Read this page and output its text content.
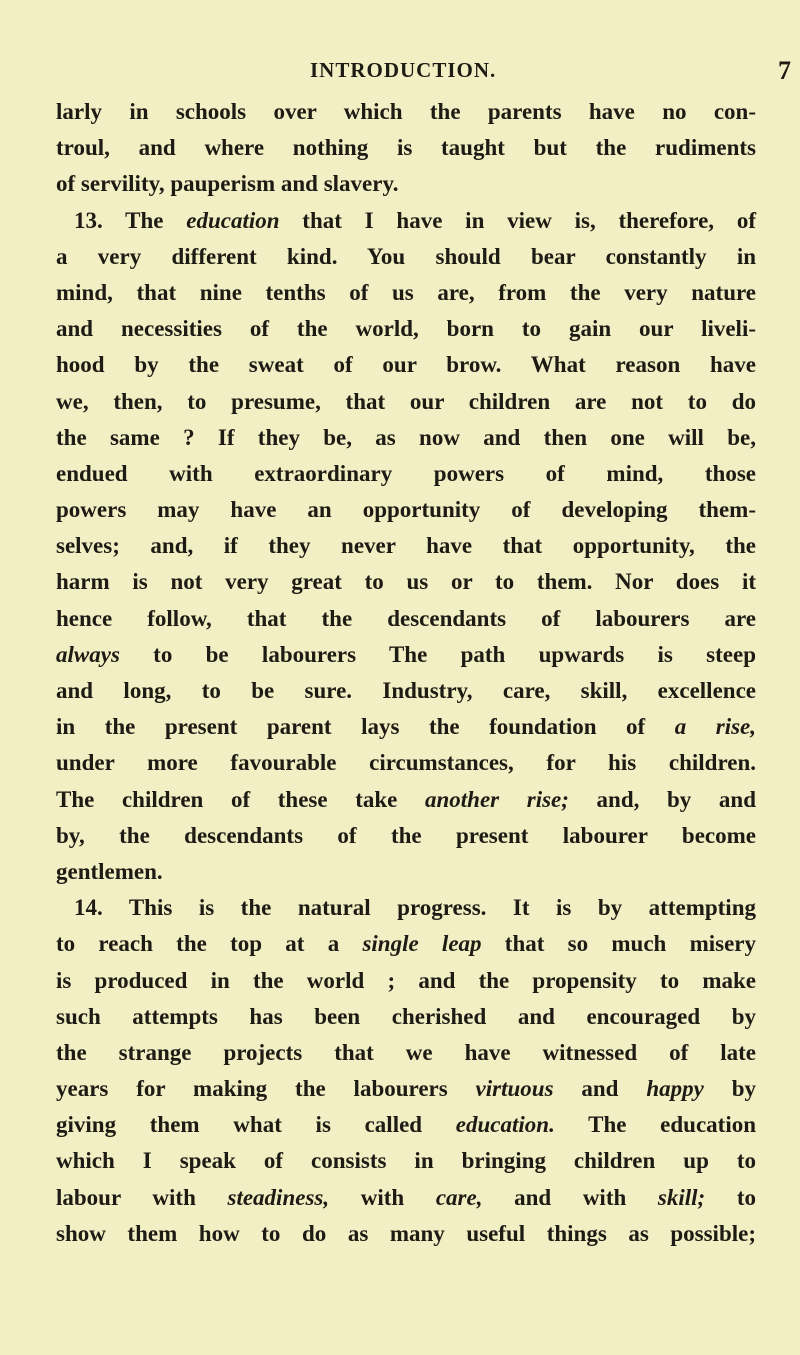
INTRODUCTION.	7
larly in schools over which the parents have no con-
troul, and where nothing is taught but the rudiments
of servility, pauperism and slavery.
13. The education that I have in view is, therefore, of
a very different kind. You should bear constantly in
mind, that nine tenths of us are, from the very nature
and necessities of the world, born to gain our liveli-
hood by the sweat of our brow. What reason have
we, then, to presume, that our children are not to do
the same ? If they be, as now and then one will be,
endued with extraordinary powers of mind, those
powers may have an opportunity of developing them-
selves; and, if they never have that opportunity, the
harm is not very great to us or to them. Nor does it
hence follow, that the descendants of labourers are
always to be labourers The path upwards is steep
and long, to be sure. Industry, care, skill, excellence
in the present parent lays the foundation of a rise,
under more favourable circumstances, for his children.
The children of these take another rise; and, by and
by, the descendants of the present labourer become
gentlemen.
14. This is the natural progress. It is by attempting
to reach the top at a single leap that so much misery
is produced in the world ; and the propensity to make
such attempts has been cherished and encouraged by
the strange projects that we have witnessed of late
years for making the labourers virtuous and happy by
giving them what is called education. The education
which I speak of consists in bringing children up to
labour with steadiness, with care, and with skill; to
show them how to do as many useful things as possible;
